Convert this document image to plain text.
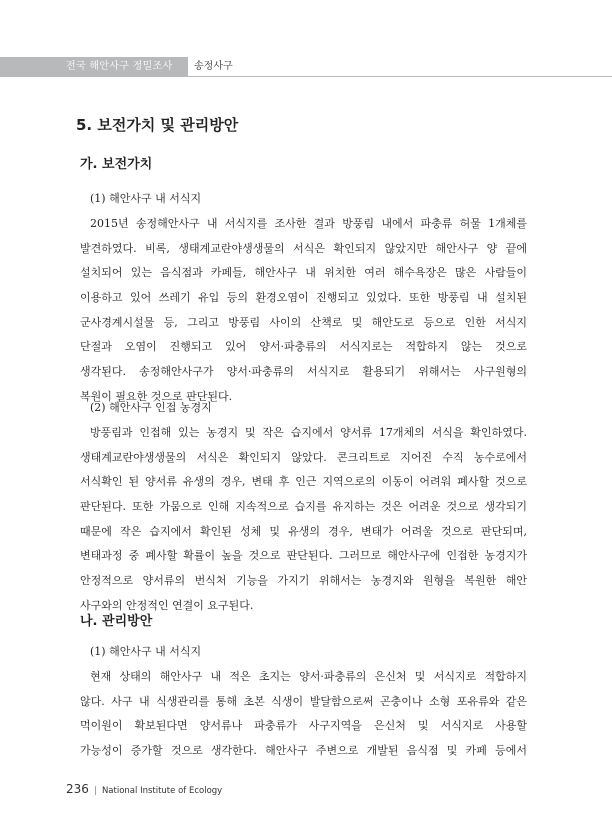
전국 해안사구 정밀조사 송정사구
5. 보전가치 및 관리방안
가. 보전가치
(1) 해안사구 내 서식지
2015년 송정해안사구 내 서식지를 조사한 결과 방풍림 내에서 파충류 허물 1개체를
발견하였다. 비록, 생태계교란야생생물의 서식은 확인되지 않았지만 해안사구 양 끝에
설치되어 있는 음식점과 카페들, 해안사구 내 위치한 여러 해수욕장은 많은 사람들이
이용하고 있어 쓰레기 유입 등의 환경오염이 진행되고 있었다. 또한 방풍림 내 설치된
군사경계시설물 등, 그리고 방풍림 사이의 산책로 및 해안도로 등으로 인한 서식지
단절과 오염이 진행되고 있어 양서·파충류의 서식지로는 적합하지 않는 것으로
생각된다. 송정해안사구가 양서·파충류의 서식지로 활용되기 위해서는 사구원형의
복원이 필요한 것으로 판단된다.
(2) 해안사구 인접 농경지
방풍림과 인접해 있는 농경지 및 작은 습지에서 양서류 17개체의 서식을 확인하였다.
생태계교란야생생물의 서식은 확인되지 않았다. 콘크리트로 지어진 수직 농수로에서
서식확인 된 양서류 유생의 경우, 변태 후 인근 지역으로의 이동이 어려워 폐사할 것으로
판단된다. 또한 가뭄으로 인해 지속적으로 습지를 유지하는 것은 어려운 것으로 생각되기
때문에 작은 습지에서 확인된 성체 및 유생의 경우, 변태가 어려울 것으로 판단되며,
변태과정 중 폐사할 확률이 높을 것으로 판단된다. 그러므로 해안사구에 인접한 농경지가
안정적으로 양서류의 번식처 기능을 가지기 위해서는 농경지와 원형을 복원한 해안
사구와의 안정적인 연결이 요구된다.
나. 관리방안
(1) 해안사구 내 서식지
현재 상태의 해안사구 내 적은 초지는 양서·파충류의 은신처 및 서식지로 적합하지
않다. 사구 내 식생관리를 통해 초본 식생이 발달함으로써 곤충이나 소형 포유류와 같은
먹이원이 확보된다면 양서류나 파충류가 사구지역을 은신처 및 서식지로 사용할
가능성이 증가할 것으로 생각한다. 해안사구 주변으로 개발된 음식점 및 카페 등에서
236 | National Institute of Ecology
